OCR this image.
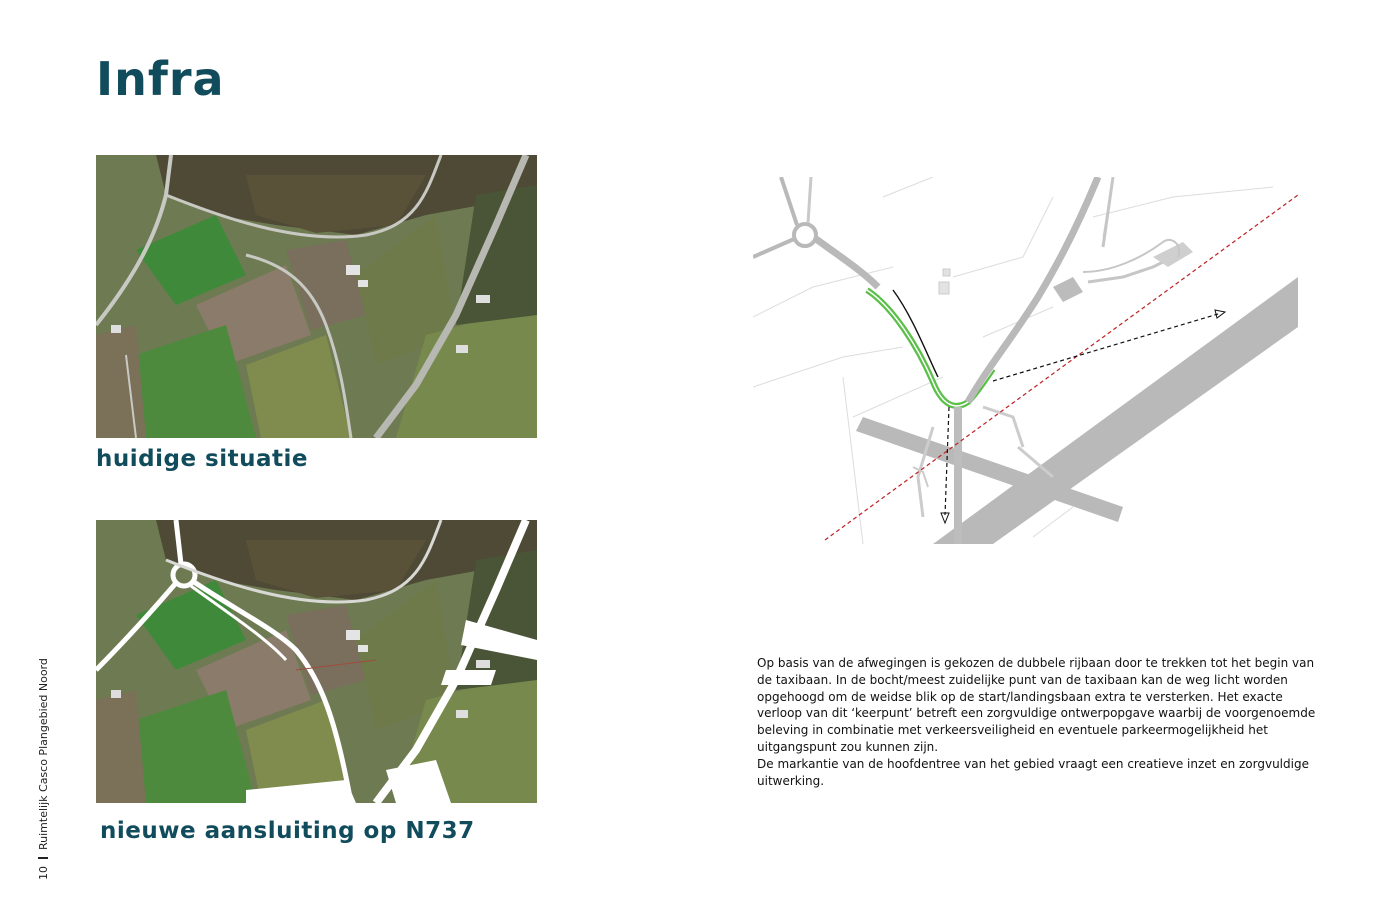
Infra
huidige situatie
nieuwe aansluiting op N737
10Ruimtelijk Casco Plangebied Noord	Op basis van de afwegingen is gekozen de dubbele rijbaan door te trekken tot het begin van de taxibaan. In de bocht/meest zuidelijke punt van de taxibaan kan de weg licht worden opgehoogd om de weidse blik op de start/landingsbaan extra te versterken. Het exacte verloop van dit ‘keerpunt’ betreft een zorgvuldige ontwerpopgave waarbij de voorgenoemde beleving in combinatie met verkeersveiligheid en eventuele parkeermogelijkheid het uitgangspunt zou kunnen zijn.

De markantie van de hoofdentree van het gebied vraagt een creatieve inzet en zorgvuldige uitwerking.
